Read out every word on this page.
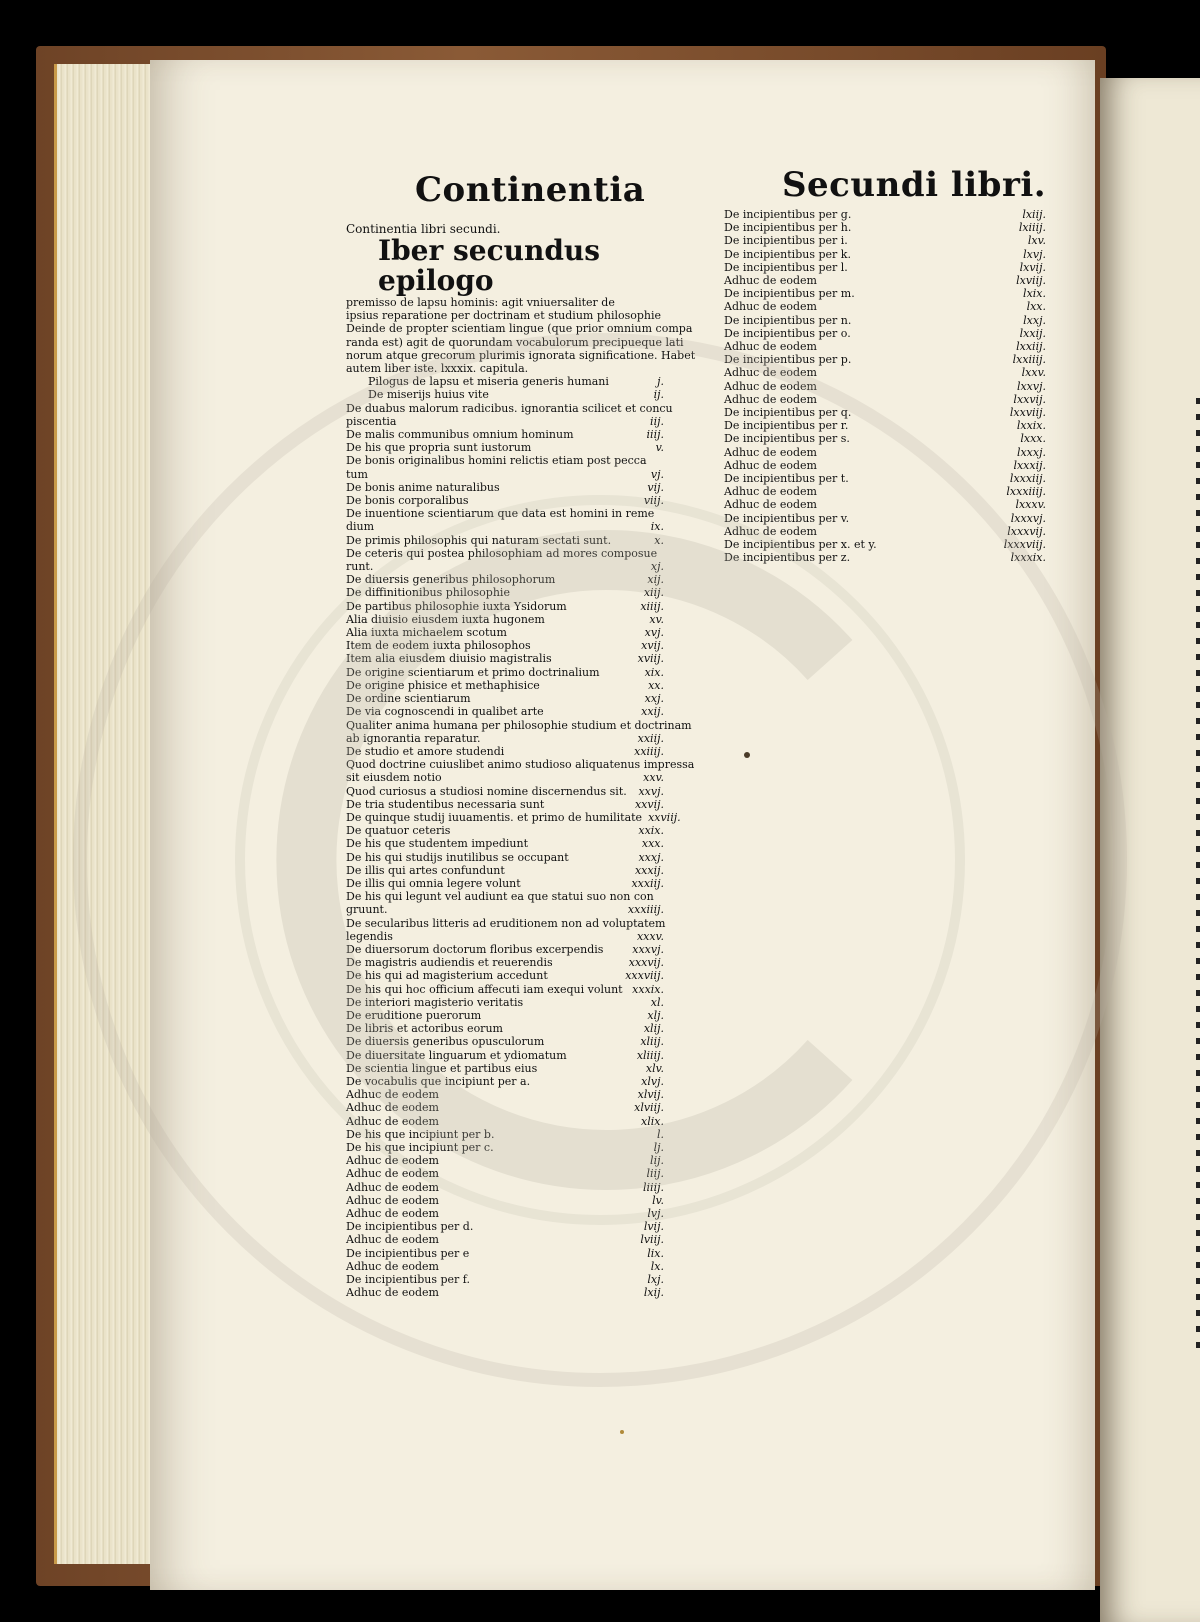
Continentia	Secundi libri.

Continentia libri secundi.

Iber secundus epilogo

premisso de lapsu hominis: agit vniuersaliter de

ipsius reparatione per doctrinam et studium philosophie

Deinde de propter scientiam lingue (que prior omnium compa

randa est) agit de quorundam vocabulorum precipueque lati

norum atque grecorum plurimis ignorata significatione. Habet

autem liber iste. lxxxix. capitula.

Pilogus de lapsu et miseria generis humani	j.
De miserijs huius vite	ij.
De duabus malorum radicibus. ignorantia scilicet et concu
piscentia	iij.
De malis communibus omnium hominum	iiij.
De his que propria sunt iustorum	v.
De bonis originalibus homini relictis etiam post pecca
tum	vj.
De bonis anime naturalibus	vij.
De bonis corporalibus	viij.
De inuentione scientiarum que data est homini in reme
dium	ix.
De primis philosophis qui naturam sectati sunt.	x.
De ceteris qui postea philosophiam ad mores composue
runt.	xj.
De diuersis generibus philosophorum	xij.
De diffinitionibus philosophie	xiij.
De partibus philosophie iuxta Ysidorum	xiiij.
Alia diuisio eiusdem iuxta hugonem	xv.
Alia iuxta michaelem scotum	xvj.
Item de eodem iuxta philosophos	xvij.
Item alia eiusdem diuisio magistralis	xviij.
De origine scientiarum et primo doctrinalium	xix.
De origine phisice et methaphisice	xx.
De ordine scientiarum	xxj.
De via cognoscendi in qualibet arte	xxij.
Qualiter anima humana per philosophie studium et doctrinam
ab ignorantia reparatur.	xxiij.
De studio et amore studendi	xxiiij.
Quod doctrine cuiuslibet animo studioso aliquatenus impressa
sit eiusdem notio	xxv.
Quod curiosus a studiosi nomine discernendus sit.	xxvj.
De tria studentibus necessaria sunt	xxvij.
De quinque studij iuuamentis. et primo de humilitate xxviij.
De quatuor ceteris	xxix.
De his que studentem impediunt	xxx.
De his qui studijs inutilibus se occupant	xxxj.
De illis qui artes confundunt	xxxij.
De illis qui omnia legere volunt	xxxiij.
De his qui legunt vel audiunt ea que statui suo non con
gruunt.	xxxiiij.
De secularibus litteris ad eruditionem non ad voluptatem
legendis	xxxv.
De diuersorum doctorum floribus excerpendis	xxxvj.
De magistris audiendis et reuerendis	xxxvij.
De his qui ad magisterium accedunt	xxxviij.
De his qui hoc officium affecuti iam exequi volunt xxxix.
De interiori magisterio veritatis	xl.
De eruditione puerorum	xlj.
De libris et actoribus eorum	xlij.
De diuersis generibus opusculorum	xliij.
De diuersitate linguarum et ydiomatum	xliiij.
De scientia lingue et partibus eius	xlv.
De vocabulis que incipiunt per a.	xlvj.
Adhuc de eodem	xlvij.
Adhuc de eodem	xlviij.
Adhuc de eodem	xlix.
De his que incipiunt per b.	l.
De his que incipiunt per c.	lj.
Adhuc de eodem	lij.
Adhuc de eodem	liij.
Adhuc de eodem	liiij.
Adhuc de eodem	lv.
Adhuc de eodem	lvj.
De incipientibus per d.	lvij.
Adhuc de eodem	lviij.
De incipientibus per e	lix.
Adhuc de eodem	lx.
De incipientibus per f.	lxj.
Adhuc de eodem	lxij.
De incipientibus per g.	lxiij.
De incipientibus per h.	lxiiij.
De incipientibus per i.	lxv.
De incipientibus per k.	lxvj.
De incipientibus per l.	lxvij.
Adhuc de eodem	lxviij.
De incipientibus per m.	lxix.
Adhuc de eodem	lxx.
De incipientibus per n.	lxxj.
De incipientibus per o.	lxxij.
Adhuc de eodem	lxxiij.
De incipientibus per p.	lxxiiij.
Adhuc de eodem	lxxv.
Adhuc de eodem	lxxvj.
Adhuc de eodem	lxxvij.
De incipientibus per q.	lxxviij.
De incipientibus per r.	lxxix.
De incipientibus per s.	lxxx.
Adhuc de eodem	lxxxj.
Adhuc de eodem	lxxxij.
De incipientibus per t.	lxxxiij.
Adhuc de eodem	lxxxiiij.
Adhuc de eodem	lxxxv.
De incipientibus per v.	lxxxvj.
Adhuc de eodem	lxxxvij.
De incipientibus per x. et y.	lxxxviij.
De incipientibus per z.	lxxxix.
